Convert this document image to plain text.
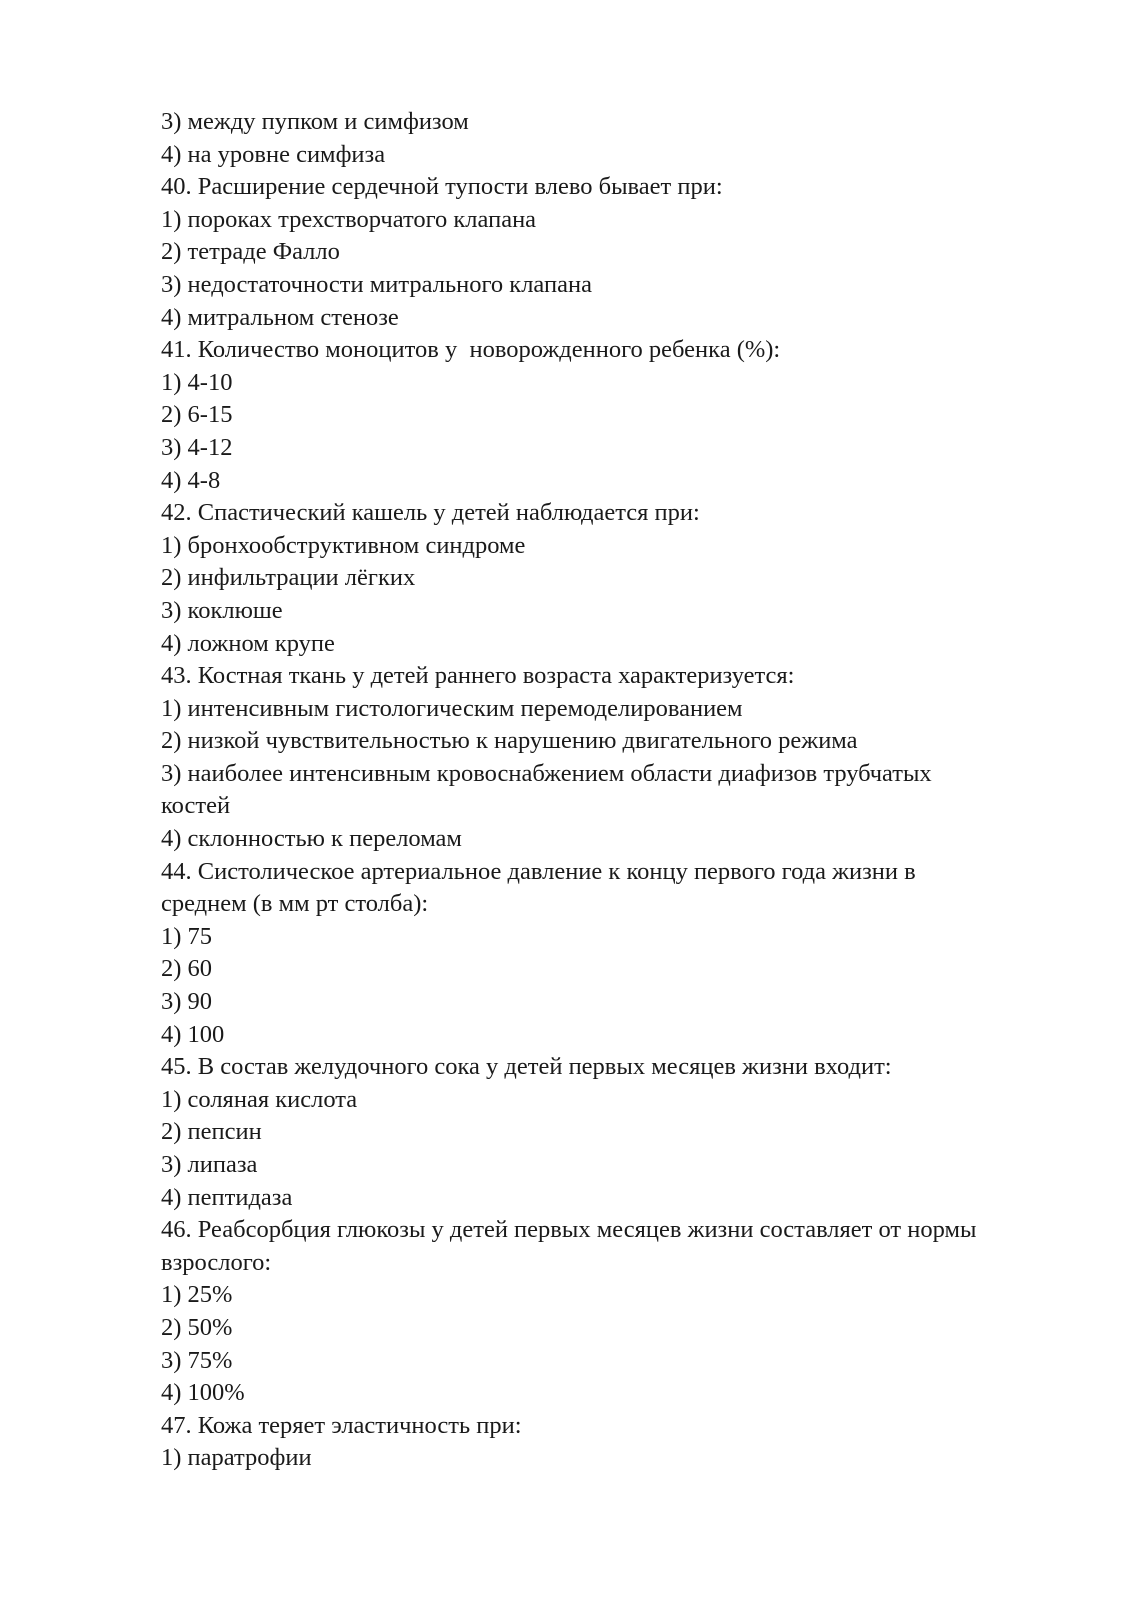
3) между пупком и симфизом

4) на уровне симфиза

40. Расширение сердечной тупости влево бывает при:

1) пороках трехстворчатого клапана

2) тетраде Фалло

3) недостаточности митрального клапана

4) митральном стенозе

41. Количество моноцитов у  новорожденного ребенка (%):

1) 4-10

2) 6-15

3) 4-12

4) 4-8

42. Спастический кашель у детей наблюдается при:

1) бронхообструктивном синдроме

2) инфильтрации лёгких

3) коклюше

4) ложном крупе

43. Костная ткань у детей раннего возраста характеризуется:

1) интенсивным гистологическим перемоделированием

2) низкой чувствительностью к нарушению двигательного режима

3) наиболее интенсивным кровоснабжением области диафизов трубчатых

костей

4) склонностью к переломам

44. Систолическое артериальное давление к концу первого года жизни в

среднем (в мм рт столба):

1) 75

2) 60

3) 90

4) 100

45. В состав желудочного сока у детей первых месяцев жизни входит:

1) соляная кислота

2) пепсин

3) липаза

4) пептидаза

46. Реабсорбция глюкозы у детей первых месяцев жизни составляет от нормы

взрослого:

1) 25%

2) 50%

3) 75%

4) 100%

47. Кожа теряет эластичность при:

1) паратрофии
